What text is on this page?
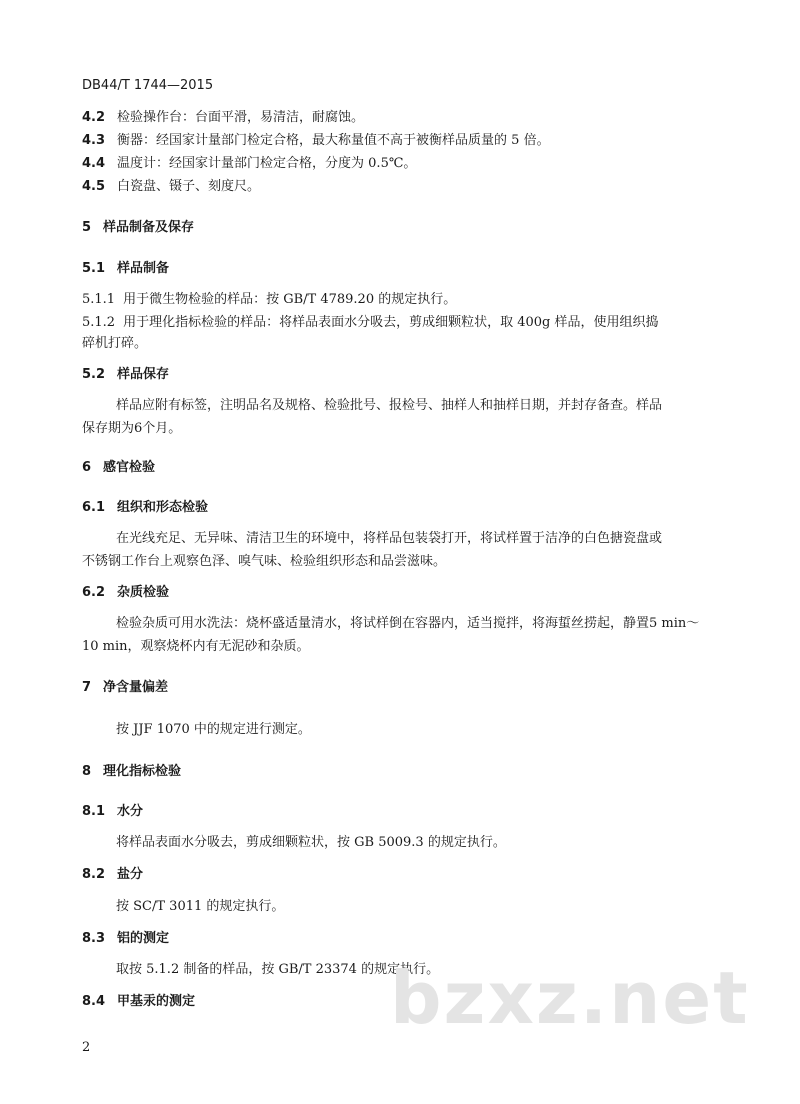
DB44/T 1744—2015
4.2 检验操作台：台面平滑，易清洁，耐腐蚀。
4.3 衡器：经国家计量部门检定合格，最大称量值不高于被衡样品质量的 5 倍。
4.4 温度计：经国家计量部门检定合格，分度为 0.5℃。
4.5 白瓷盘、镊子、刻度尺。
5 样品制备及保存
5.1 样品制备
5.1.1 用于微生物检验的样品：按 GB/T 4789.20 的规定执行。
5.1.2 用于理化指标检验的样品：将样品表面水分吸去，剪成细颗粒状，取 400g 样品，使用组织捣
碎机打碎。
5.2 样品保存
样品应附有标签，注明品名及规格、检验批号、报检号、抽样人和抽样日期，并封存备查。样品
保存期为6个月。
6 感官检验
6.1 组织和形态检验
在光线充足、无异味、清洁卫生的环境中，将样品包装袋打开，将试样置于洁净的白色搪瓷盘或
不锈钢工作台上观察色泽、嗅气味、检验组织形态和品尝滋味。
6.2 杂质检验
检验杂质可用水洗法：烧杯盛适量清水，将试样倒在容器内，适当搅拌，将海蜇丝捞起，静置5 min～
10 min，观察烧杯内有无泥砂和杂质。
7 净含量偏差
按 JJF 1070 中的规定进行测定。
8 理化指标检验
8.1 水分
将样品表面水分吸去，剪成细颗粒状，按 GB 5009.3 的规定执行。
8.2 盐分
按 SC/T 3011 的规定执行。
8.3 铝的测定
取按 5.1.2 制备的样品，按 GB/T 23374 的规定执行。
8.4 甲基汞的测定	bzxz.net
2
